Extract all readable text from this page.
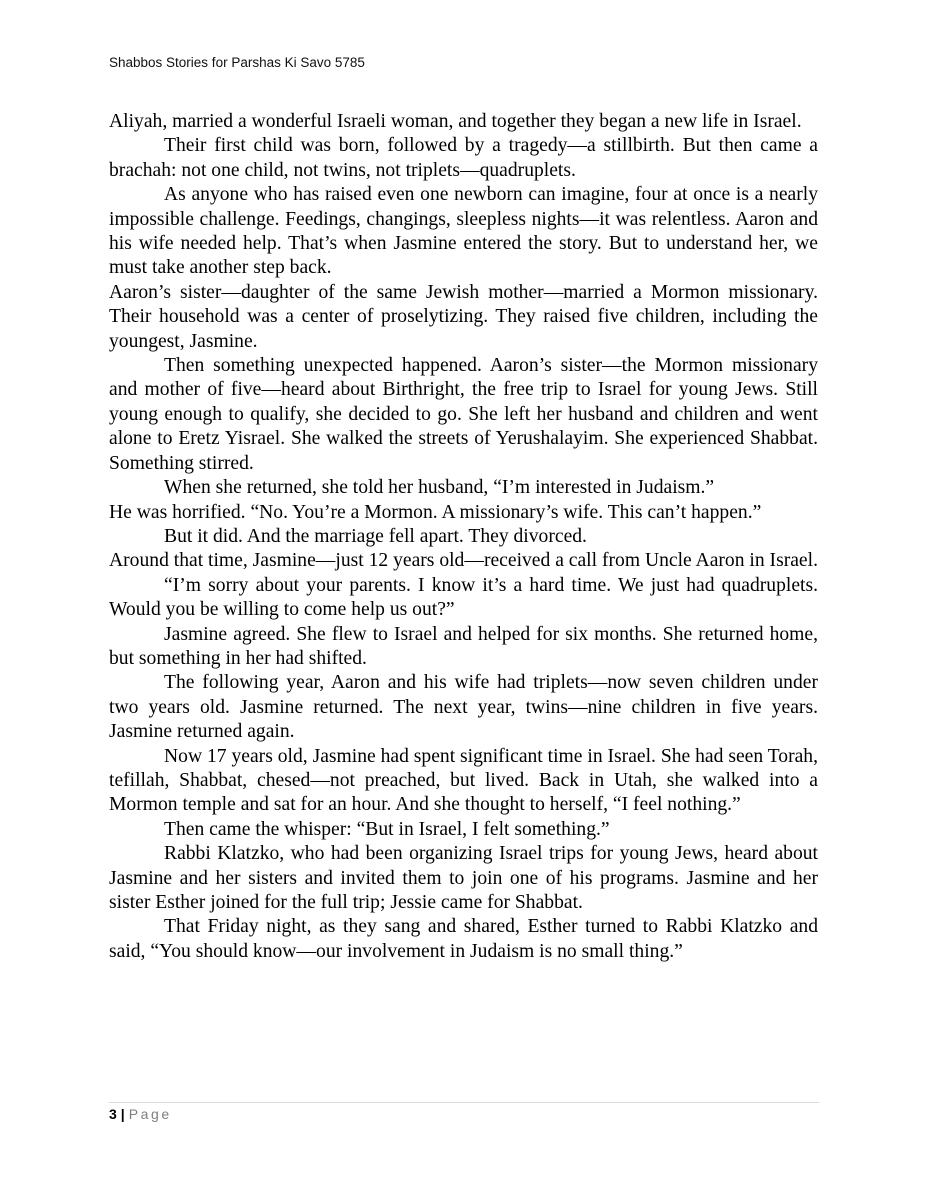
Shabbos Stories for Parshas Ki Savo 5785

Aliyah, married a wonderful Israeli woman, and together they began a new life in Israel.

Their first child was born, followed by a tragedy—a stillbirth. But then came a brachah: not one child, not twins, not triplets—quadruplets.

As anyone who has raised even one newborn can imagine, four at once is a nearly impossible challenge. Feedings, changings, sleepless nights—it was relentless. Aaron and his wife needed help. That’s when Jasmine entered the story. But to understand her, we must take another step back.

Aaron’s sister—daughter of the same Jewish mother—married a Mormon missionary. Their household was a center of proselytizing. They raised five children, including the youngest, Jasmine.

Then something unexpected happened. Aaron’s sister—the Mormon missionary and mother of five—heard about Birthright, the free trip to Israel for young Jews. Still young enough to qualify, she decided to go. She left her husband and children and went alone to Eretz Yisrael. She walked the streets of Yerushalayim. She experienced Shabbat. Something stirred.

When she returned, she told her husband, “I’m interested in Judaism.”

He was horrified. “No. You’re a Mormon. A missionary’s wife. This can’t happen.”

But it did. And the marriage fell apart. They divorced.

Around that time, Jasmine—just 12 years old—received a call from Uncle Aaron in Israel.

“I’m sorry about your parents. I know it’s a hard time. We just had quadruplets. Would you be willing to come help us out?”

Jasmine agreed. She flew to Israel and helped for six months. She returned home, but something in her had shifted.

The following year, Aaron and his wife had triplets—now seven children under two years old. Jasmine returned. The next year, twins—nine children in five years. Jasmine returned again.

Now 17 years old, Jasmine had spent significant time in Israel. She had seen Torah, tefillah, Shabbat, chesed—not preached, but lived. Back in Utah, she walked into a Mormon temple and sat for an hour. And she thought to herself, “I feel nothing.”

Then came the whisper: “But in Israel, I felt something.”

Rabbi Klatzko, who had been organizing Israel trips for young Jews, heard about Jasmine and her sisters and invited them to join one of his programs. Jasmine and her sister Esther joined for the full trip; Jessie came for Shabbat.

That Friday night, as they sang and shared, Esther turned to Rabbi Klatzko and said, “You should know—our involvement in Judaism is no small thing.”

3 | Page
